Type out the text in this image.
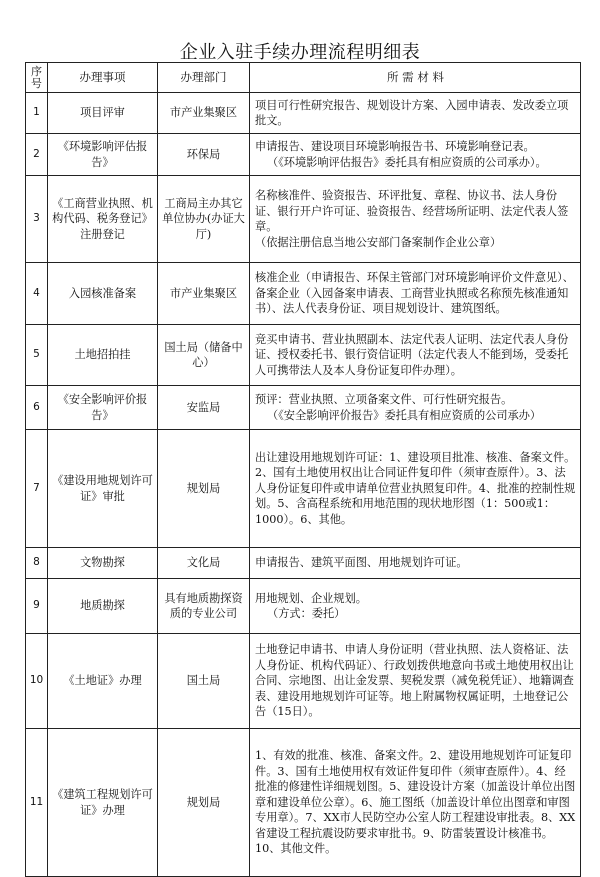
企业入驻手续办理流程明细表
序号	办理事项	办理部门	所 需 材 料
1	项目评审	市产业集聚区	项目可行性研究报告、规划设计方案、入园申请表、发改委立项批文。
2	《环境影响评估报告》	环保局	申请报告、建设项目环境影响报告书、环境影响登记表。
（《环境影响评估报告》委托具有相应资质的公司承办）。

3	《工商营业执照、机构代码、税务登记》注册登记	工商局主办其它单位协办(办证大厅)	名称核准件、验资报告、环评批复、章程、协议书、法人身份证、银行开户许可证、验资报告、经营场所证明、法定代表人签章。
（依据注册信息当地公安部门备案制作企业公章）

4	入园核准备案	市产业集聚区	核准企业（申请报告、环保主管部门对环境影响评价文件意见）、备案企业（入园备案申请表、工商营业执照或名称预先核准通知书）、法人代表身份证、项目规划设计、建筑图纸。
5	土地招拍挂	国土局（储备中心）	竞买申请书、营业执照副本、法定代表人证明、法定代表人身份证、授权委托书、银行资信证明（法定代表人不能到场，受委托人可携带法人及本人身份证复印件办理）。
6	《安全影响评价报告》	安监局	预评：营业执照、立项备案文件、可行性研究报告。
（《安全影响评价报告》委托具有相应资质的公司承办）

7	《建设用地规划许可证》审批	规划局	出让建设用地规划许可证：1、建设项目批准、核准、备案文件。2、国有土地使用权出让合同证件复印件（须审查原件）。3、法人身份证复印件或申请单位营业执照复印件。4、批准的控制性规划。5、含高程系统和用地范围的现状地形图（1：500或1：1000）。6、其他。
8	文物勘探	文化局	申请报告、建筑平面图、用地规划许可证。
9	地质勘探	具有地质勘探资质的专业公司	用地规划、企业规划。
（方式：委托）

10	《土地证》办理	国土局	土地登记申请书、申请人身份证明（营业执照、法人资格证、法人身份证、机构代码证）、行政划拨供地意向书或土地使用权出让合同、宗地图、出让金发票、契税发票（减免税凭证）、地籍调查表、建设用地规划许可证等。地上附属物权属证明，土地登记公告（15日）。
11	《建筑工程规划许可证》办理	规划局	1、有效的批准、核准、备案文件。2、建设用地规划许可证复印件。3、国有土地使用权有效证件复印件（须审查原件）。4、经批准的修建性详细规划图。5、建设设计方案（加盖设计单位出图章和建设单位公章）。6、施工图纸（加盖设计单位出图章和审图专用章）。7、XX市人民防空办公室人防工程建设审批表。8、XX省建设工程抗震设防要求审批书。9、防雷装置设计核准书。10、其他文件。
